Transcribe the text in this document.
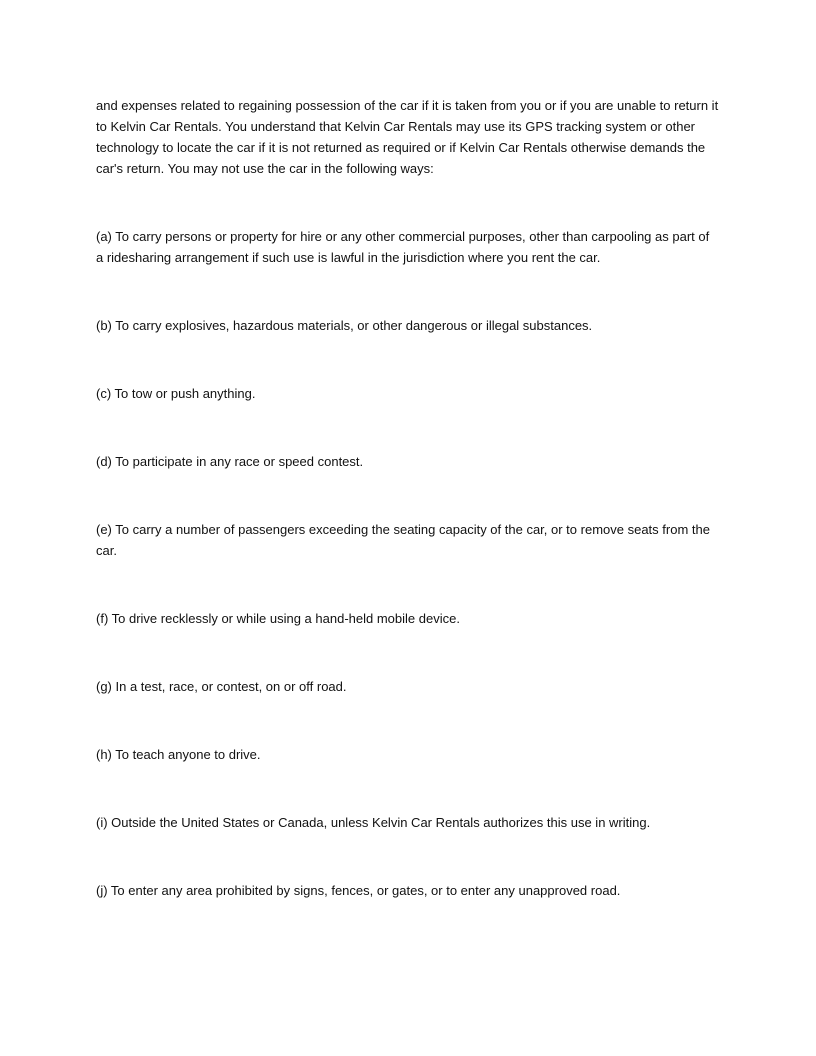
and expenses related to regaining possession of the car if it is taken from you or if you are unable to return it to Kelvin Car Rentals. You understand that Kelvin Car Rentals may use its GPS tracking system or other technology to locate the car if it is not returned as required or if Kelvin Car Rentals otherwise demands the car's return. You may not use the car in the following ways:

(a) To carry persons or property for hire or any other commercial purposes, other than carpooling as part of a ridesharing arrangement if such use is lawful in the jurisdiction where you rent the car.

(b) To carry explosives, hazardous materials, or other dangerous or illegal substances.

(c) To tow or push anything.

(d) To participate in any race or speed contest.

(e) To carry a number of passengers exceeding the seating capacity of the car, or to remove seats from the car.

(f) To drive recklessly or while using a hand-held mobile device.

(g) In a test, race, or contest, on or off road.

(h) To teach anyone to drive.

(i) Outside the United States or Canada, unless Kelvin Car Rentals authorizes this use in writing.

(j) To enter any area prohibited by signs, fences, or gates, or to enter any unapproved road.
